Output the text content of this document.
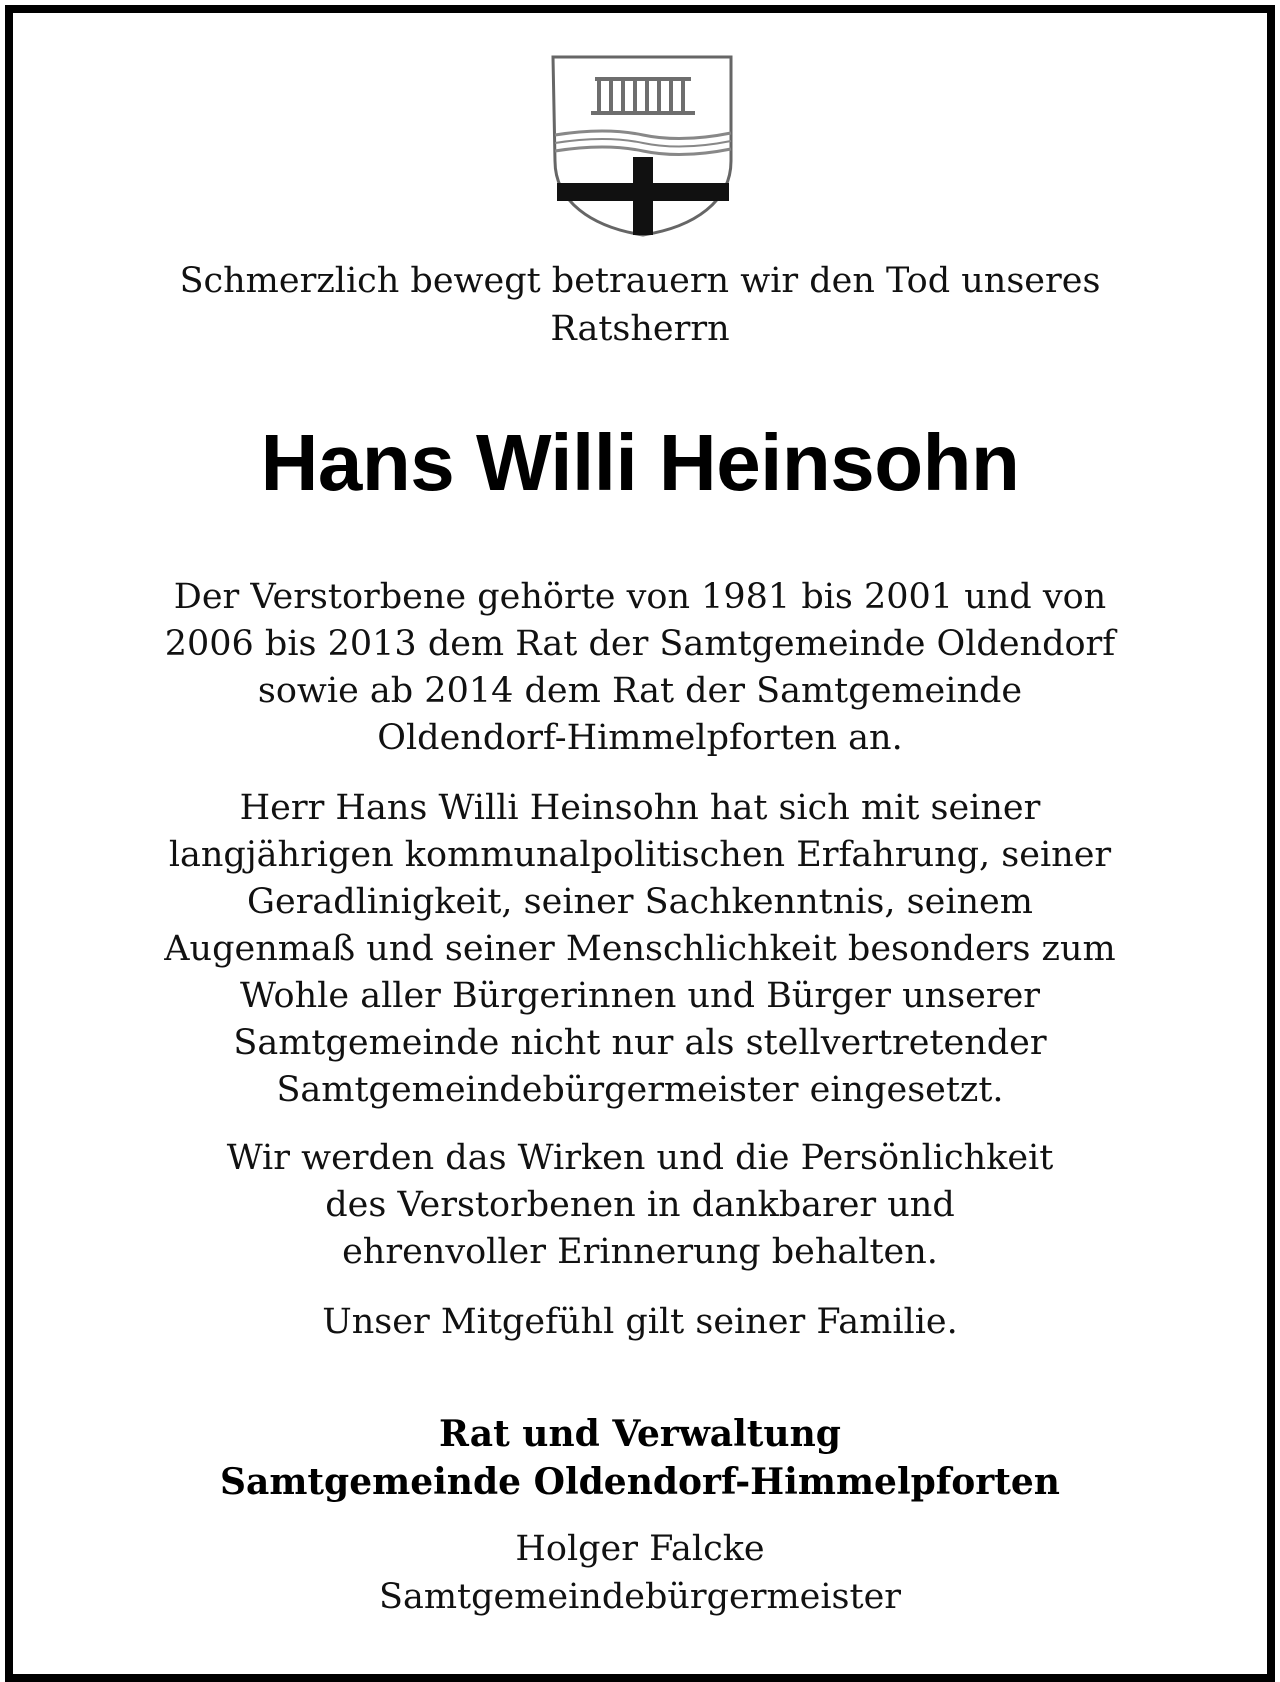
Schmerzlich bewegt betrauern wir den Tod unseres
Ratsherrn

Hans Willi Heinsohn

Der Verstorbene gehörte von 1981 bis 2001 und von
2006 bis 2013 dem Rat der Samtgemeinde Oldendorf
sowie ab 2014 dem Rat der Samtgemeinde
Oldendorf-Himmelpforten an.

Herr Hans Willi Heinsohn hat sich mit seiner
langjährigen kommunalpolitischen Erfahrung, seiner
Geradlinigkeit, seiner Sachkenntnis, seinem
Augenmaß und seiner Menschlichkeit besonders zum
Wohle aller Bürgerinnen und Bürger unserer
Samtgemeinde nicht nur als stellvertretender
Samtgemeindebürgermeister eingesetzt.

Wir werden das Wirken und die Persönlichkeit
des Verstorbenen in dankbarer und
ehrenvoller Erinnerung behalten.

Unser Mitgefühl gilt seiner Familie.

Rat und Verwaltung
Samtgemeinde Oldendorf-Himmelpforten

Holger Falcke
Samtgemeindebürgermeister
